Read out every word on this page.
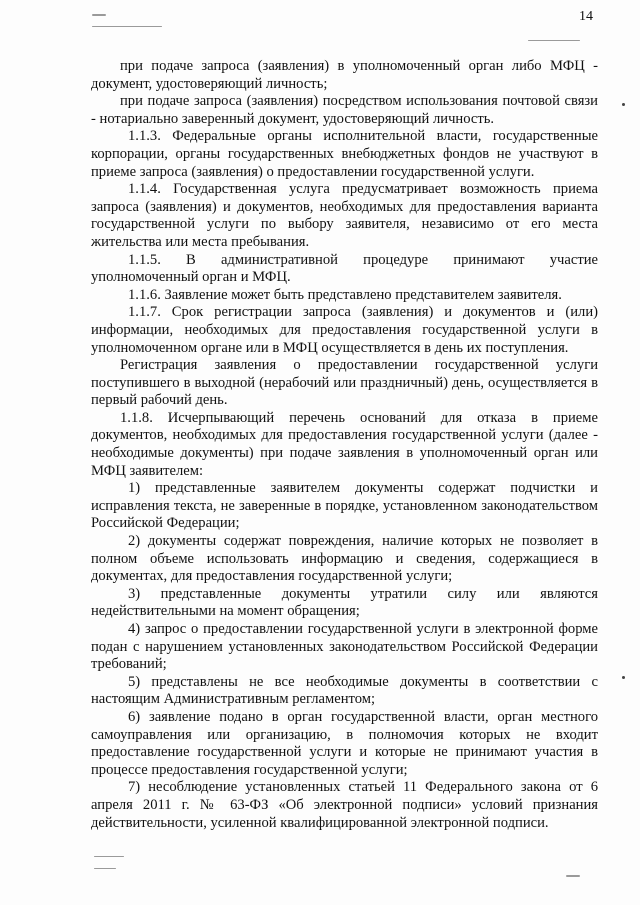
14

при подаче запроса (заявления) в уполномоченный орган либо МФЦ - документ, удостоверяющий личность;

при подаче запроса (заявления) посредством использования почтовой связи - нотариально заверенный документ, удостоверяющий личность.

1.1.3. Федеральные органы исполнительной власти, государственные корпорации, органы государственных внебюджетных фондов не участвуют в приеме запроса (заявления) о предоставлении государственной услуги.

1.1.4. Государственная услуга предусматривает возможность приема запроса (заявления) и документов, необходимых для предоставления варианта государственной услуги по выбору заявителя, независимо от его места жительства или места пребывания.

1.1.5. В административной процедуре принимают участие уполномоченный орган и МФЦ.

1.1.6. Заявление может быть представлено представителем заявителя.

1.1.7. Срок регистрации запроса (заявления) и документов и (или) информации, необходимых для предоставления государственной услуги в уполномоченном органе или в МФЦ осуществляется в день их поступления.

Регистрация заявления о предоставлении государственной услуги поступившего в выходной (нерабочий или праздничный) день, осуществляется в первый рабочий день.

1.1.8. Исчерпывающий перечень оснований для отказа в приеме документов, необходимых для предоставления государственной услуги (далее - необходимые документы) при подаче заявления в уполномоченный орган или МФЦ заявителем:

1) представленные заявителем документы содержат подчистки и исправления текста, не заверенные в порядке, установленном законодательством Российской Федерации;

2) документы содержат повреждения, наличие которых не позволяет в полном объеме использовать информацию и сведения, содержащиеся в документах, для предоставления государственной услуги;

3) представленные документы утратили силу или являются недействительными на момент обращения;

4) запрос о предоставлении государственной услуги в электронной форме подан с нарушением установленных законодательством Российской Федерации требований;

5) представлены не все необходимые документы в соответствии с настоящим Административным регламентом;

6) заявление подано в орган государственной власти, орган местного самоуправления или организацию, в полномочия которых не входит предоставление государственной услуги и которые не принимают участия в процессе предоставления государственной услуги;

7) несоблюдение установленных статьей 11 Федерального закона от 6 апреля 2011 г. № 63-ФЗ «Об электронной подписи» условий признания действительности, усиленной квалифицированной электронной подписи.
